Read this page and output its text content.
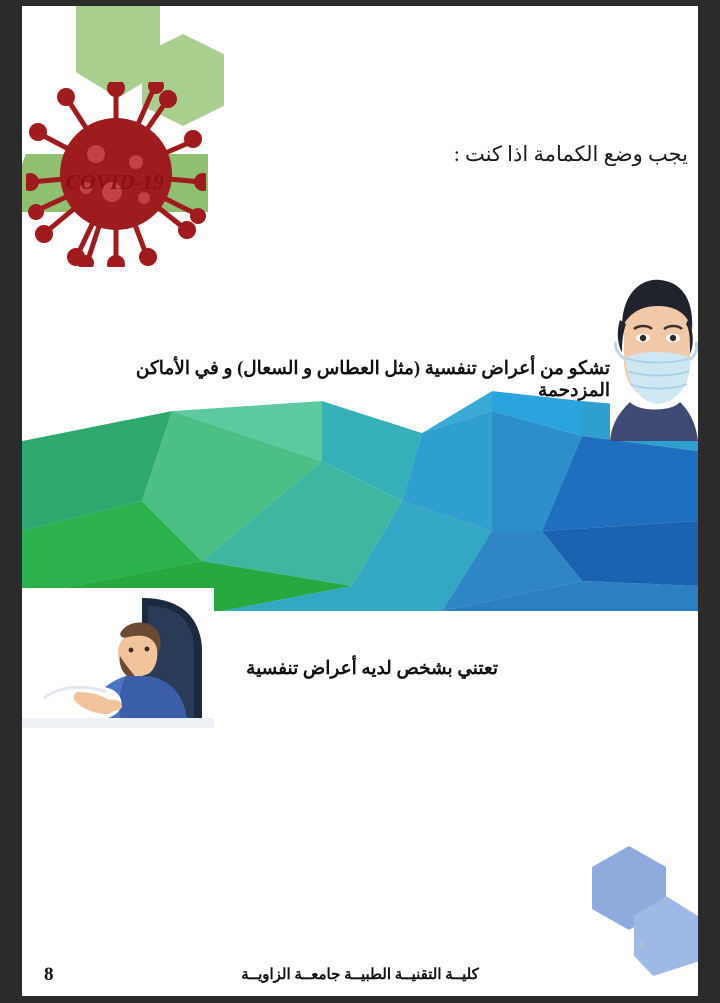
COVID-19
يجب وضع الكمامة اذا كنت :
تشكو من أعراض تنفسية (مثل العطاس و السعال) و في الأماكن المزدحمة
تعتني بشخص لديه أعراض تنفسية
8
كليــة التقنيــة الطبيــة جامعــة الزاويــة
8
